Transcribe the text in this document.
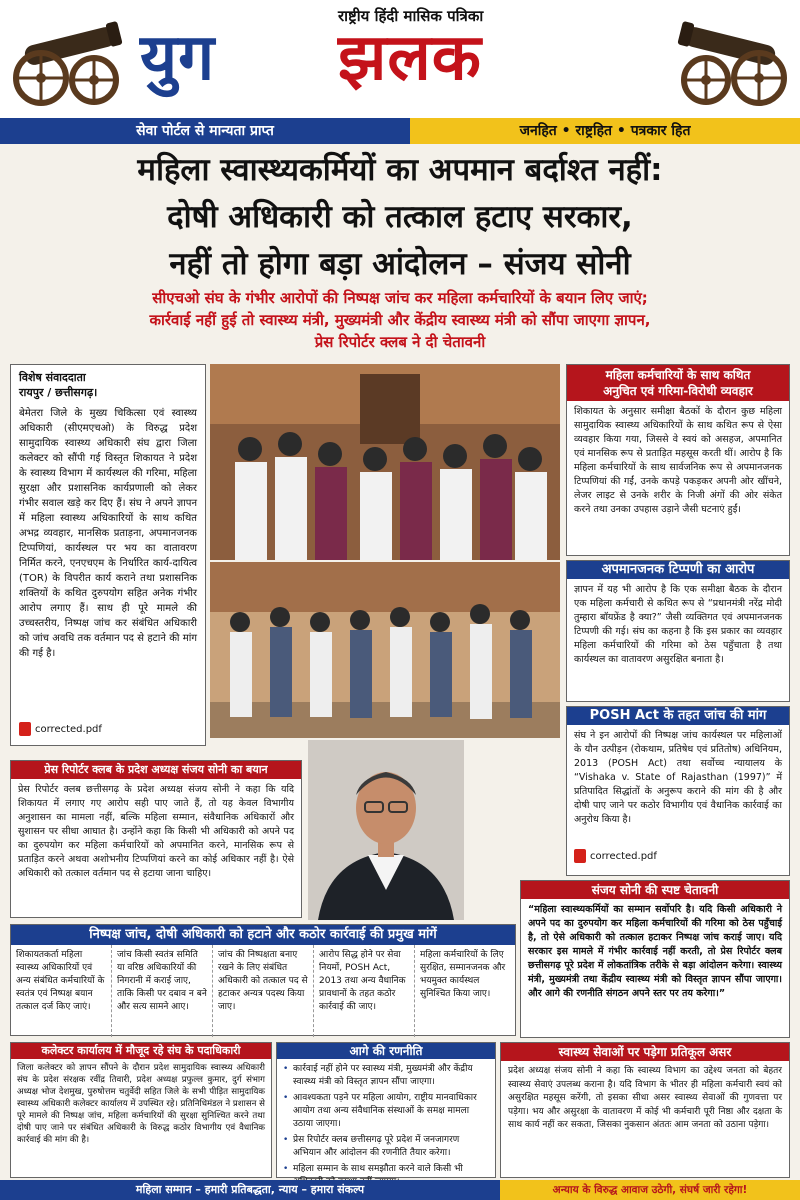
राष्ट्रीय हिंदी मासिक पत्रिका
युग झलक
सेवा पोर्टल से मान्यता प्राप्त	जनहित • राष्ट्रहित • पत्रकार हित
महिला स्वास्थ्यकर्मियों का अपमान बर्दाश्त नहीं:
दोषी अधिकारी को तत्काल हटाए सरकार,
नहीं तो होगा बड़ा आंदोलन – संजय सोनी
सीएचओ संघ के गंभीर आरोपों की निष्पक्ष जांच कर महिला कर्मचारियों के बयान लिए जाएं;
कार्रवाई नहीं हुई तो स्वास्थ्य मंत्री, मुख्यमंत्री और केंद्रीय स्वास्थ्य मंत्री को सौंपा जाएगा ज्ञापन,
प्रेस रिपोर्टर क्लब ने दी चेतावनी
विशेष संवाददाता
रायपुर / छत्तीसगढ़।
बेमेतरा जिले के मुख्य चिकित्सा एवं स्वास्थ्य अधिकारी (सीएमएचओ) के विरुद्ध प्रदेश सामुदायिक स्वास्थ्य अधिकारी संघ द्वारा जिला कलेक्टर को सौंपी गई विस्तृत शिकायत ने प्रदेश के स्वास्थ्य विभाग में कार्यस्थल की गरिमा, महिला सुरक्षा और प्रशासनिक कार्यप्रणाली को लेकर गंभीर सवाल खड़े कर दिए हैं। संघ ने अपने ज्ञापन में महिला स्वास्थ्य अधिकारियों के साथ कथित अभद्र व्यवहार, मानसिक प्रताड़ना, अपमानजनक टिप्पणियां, कार्यस्थल पर भय का वातावरण निर्मित करने, एनएचएम के निर्धारित कार्य-दायित्व (TOR) के विपरीत कार्य कराने तथा प्रशासनिक शक्तियों के कथित दुरुपयोग सहित अनेक गंभीर आरोप लगाए हैं। साथ ही पूरे मामले की उच्चस्तरीय, निष्पक्ष जांच कर संबंधित अधिकारी को जांच अवधि तक वर्तमान पद से हटाने की मांग की गई है।
corrected.pdf
महिला कर्मचारियों के साथ कथित
अनुचित एवं गरिमा-विरोधी व्यवहार
शिकायत के अनुसार समीक्षा बैठकों के दौरान कुछ महिला सामुदायिक स्वास्थ्य अधिकारियों के साथ कथित रूप से ऐसा व्यवहार किया गया, जिससे वे स्वयं को असहज, अपमानित एवं मानसिक रूप से प्रताड़ित महसूस करती थीं। आरोप है कि महिला कर्मचारियों के साथ सार्वजनिक रूप से अपमानजनक टिप्पणियां की गईं, उनके कपड़े पकड़कर अपनी ओर खींचने, लेजर लाइट से उनके शरीर के निजी अंगों की ओर संकेत करने तथा उनका उपहास उड़ाने जैसी घटनाएं हुईं।
अपमानजनक टिप्पणी का आरोप
ज्ञापन में यह भी आरोप है कि एक समीक्षा बैठक के दौरान एक महिला कर्मचारी से कथित रूप से “प्रधानमंत्री नरेंद्र मोदी तुम्हारा बॉयफ्रेंड है क्या?” जैसी व्यक्तिगत एवं अपमानजनक टिप्पणी की गई। संघ का कहना है कि इस प्रकार का व्यवहार महिला कर्मचारियों की गरिमा को ठेस पहुँचाता है तथा कार्यस्थल का वातावरण असुरक्षित बनाता है।
POSH Act के तहत जांच की मांग
संघ ने इन आरोपों की निष्पक्ष जांच कार्यस्थल पर महिलाओं के यौन उत्पीड़न (रोकथाम, प्रतिषेध एवं प्रतितोष) अधिनियम, 2013 (POSH Act) तथा सर्वोच्च न्यायालय के “Vishaka v. State of Rajasthan (1997)” में प्रतिपादित सिद्धांतों के अनुरूप कराने की मांग की है और दोषी पाए जाने पर कठोर विभागीय एवं वैधानिक कार्रवाई का अनुरोध किया है।
corrected.pdf
प्रेस रिपोर्टर क्लब के प्रदेश अध्यक्ष संजय सोनी का बयान
प्रेस रिपोर्टर क्लब छत्तीसगढ़ के प्रदेश अध्यक्ष संजय सोनी ने कहा कि यदि शिकायत में लगाए गए आरोप सही पाए जाते हैं, तो यह केवल विभागीय अनुशासन का मामला नहीं, बल्कि महिला सम्मान, संवैधानिक अधिकारों और सुशासन पर सीधा आघात है। उन्होंने कहा कि किसी भी अधिकारी को अपने पद का दुरुपयोग कर महिला कर्मचारियों को अपमानित करने, मानसिक रूप से प्रताड़ित करने अथवा अशोभनीय टिप्पणियां करने का कोई अधिकार नहीं है। ऐसे अधिकारी को तत्काल वर्तमान पद से हटाया जाना चाहिए।
संजय सोनी की स्पष्ट चेतावनी
“महिला स्वास्थ्यकर्मियों का सम्मान सर्वोपरि है। यदि किसी अधिकारी ने अपने पद का दुरुपयोग कर महिला कर्मचारियों की गरिमा को ठेस पहुँचाई है, तो ऐसे अधिकारी को तत्काल हटाकर निष्पक्ष जांच कराई जाए। यदि सरकार इस मामले में गंभीर कार्रवाई नहीं करती, तो प्रेस रिपोर्टर क्लब छत्तीसगढ़ पूरे प्रदेश में लोकतांत्रिक तरीके से बड़ा आंदोलन करेगा। स्वास्थ्य मंत्री, मुख्यमंत्री तथा केंद्रीय स्वास्थ्य मंत्री को विस्तृत ज्ञापन सौंपा जाएगा। और आगे की रणनीति संगठन अपने स्तर पर तय करेगा।”
निष्पक्ष जांच, दोषी अधिकारी को हटाने और कठोर कार्रवाई की प्रमुख मांगें
शिकायतकर्ता महिला स्वास्थ्य अधिकारियों एवं अन्य संबंधित कर्मचारियों के स्वतंत्र एवं निष्पक्ष बयान तत्काल दर्ज किए जाएं।
जांच किसी स्वतंत्र समिति या वरिष्ठ अधिकारियों की निगरानी में कराई जाए, ताकि किसी पर दबाव न बने और सत्य सामने आए।
जांच की निष्पक्षता बनाए रखने के लिए संबंधित अधिकारी को तत्काल पद से हटाकर अन्यत्र पदस्थ किया जाए।
आरोप सिद्ध होने पर सेवा नियमों, POSH Act, 2013 तथा अन्य वैधानिक प्रावधानों के तहत कठोर कार्रवाई की जाए।
महिला कर्मचारियों के लिए सुरक्षित, सम्मानजनक और भयमुक्त कार्यस्थल सुनिश्चित किया जाए।
कलेक्टर कार्यालय में मौजूद रहे संघ के पदाधिकारी
जिला कलेक्टर को ज्ञापन सौंपने के दौरान प्रदेश सामुदायिक स्वास्थ्य अधिकारी संघ के प्रदेश संरक्षक रवींद्र तिवारी, प्रदेश अध्यक्ष प्रफुल्ल कुमार, दुर्ग संभाग अध्यक्ष भोज देशमुख, पुरुषोत्तम चतुर्वेदी सहित जिले के सभी पीड़ित सामुदायिक स्वास्थ्य अधिकारी कलेक्टर कार्यालय में उपस्थित रहे। प्रतिनिधिमंडल ने प्रशासन से पूरे मामले की निष्पक्ष जांच, महिला कर्मचारियों की सुरक्षा सुनिश्चित करने तथा दोषी पाए जाने पर संबंधित अधिकारी के विरुद्ध कठोर विभागीय एवं वैधानिक कार्रवाई की मांग की है।
आगे की रणनीति
• कार्रवाई नहीं होने पर स्वास्थ्य मंत्री, मुख्यमंत्री और केंद्रीय स्वास्थ्य मंत्री को विस्तृत ज्ञापन सौंपा जाएगा।
• आवश्यकता पड़ने पर महिला आयोग, राष्ट्रीय मानवाधिकार आयोग तथा अन्य संवैधानिक संस्थाओं के समक्ष मामला उठाया जाएगा।
• प्रेस रिपोर्टर क्लब छत्तीसगढ़ पूरे प्रदेश में जनजागरण अभियान और आंदोलन की रणनीति तैयार करेगा।
• महिला सम्मान के साथ समझौता करने वाले किसी भी
स्वास्थ्य सेवाओं पर पड़ेगा प्रतिकूल असर
प्रदेश अध्यक्ष संजय सोनी ने कहा कि स्वास्थ्य विभाग का उद्देश्य जनता को बेहतर स्वास्थ्य सेवाएं उपलब्ध कराना है। यदि विभाग के भीतर ही महिला कर्मचारी स्वयं को असुरक्षित महसूस करेंगी, तो इसका सीधा असर स्वास्थ्य सेवाओं की गुणवत्ता पर पड़ेगा। भय और असुरक्षा के वातावरण में कोई भी कर्मचारी पूरी निष्ठा और दक्षता के साथ कार्य नहीं कर सकता, जिसका नुकसान अंततः आम जनता को उठाना पड़ेगा।
महिला सम्मान – हमारी प्रतिबद्धता, न्याय – हमारा संकल्प	अन्याय के विरुद्ध आवाज उठेगी, संघर्ष जारी रहेगा!
